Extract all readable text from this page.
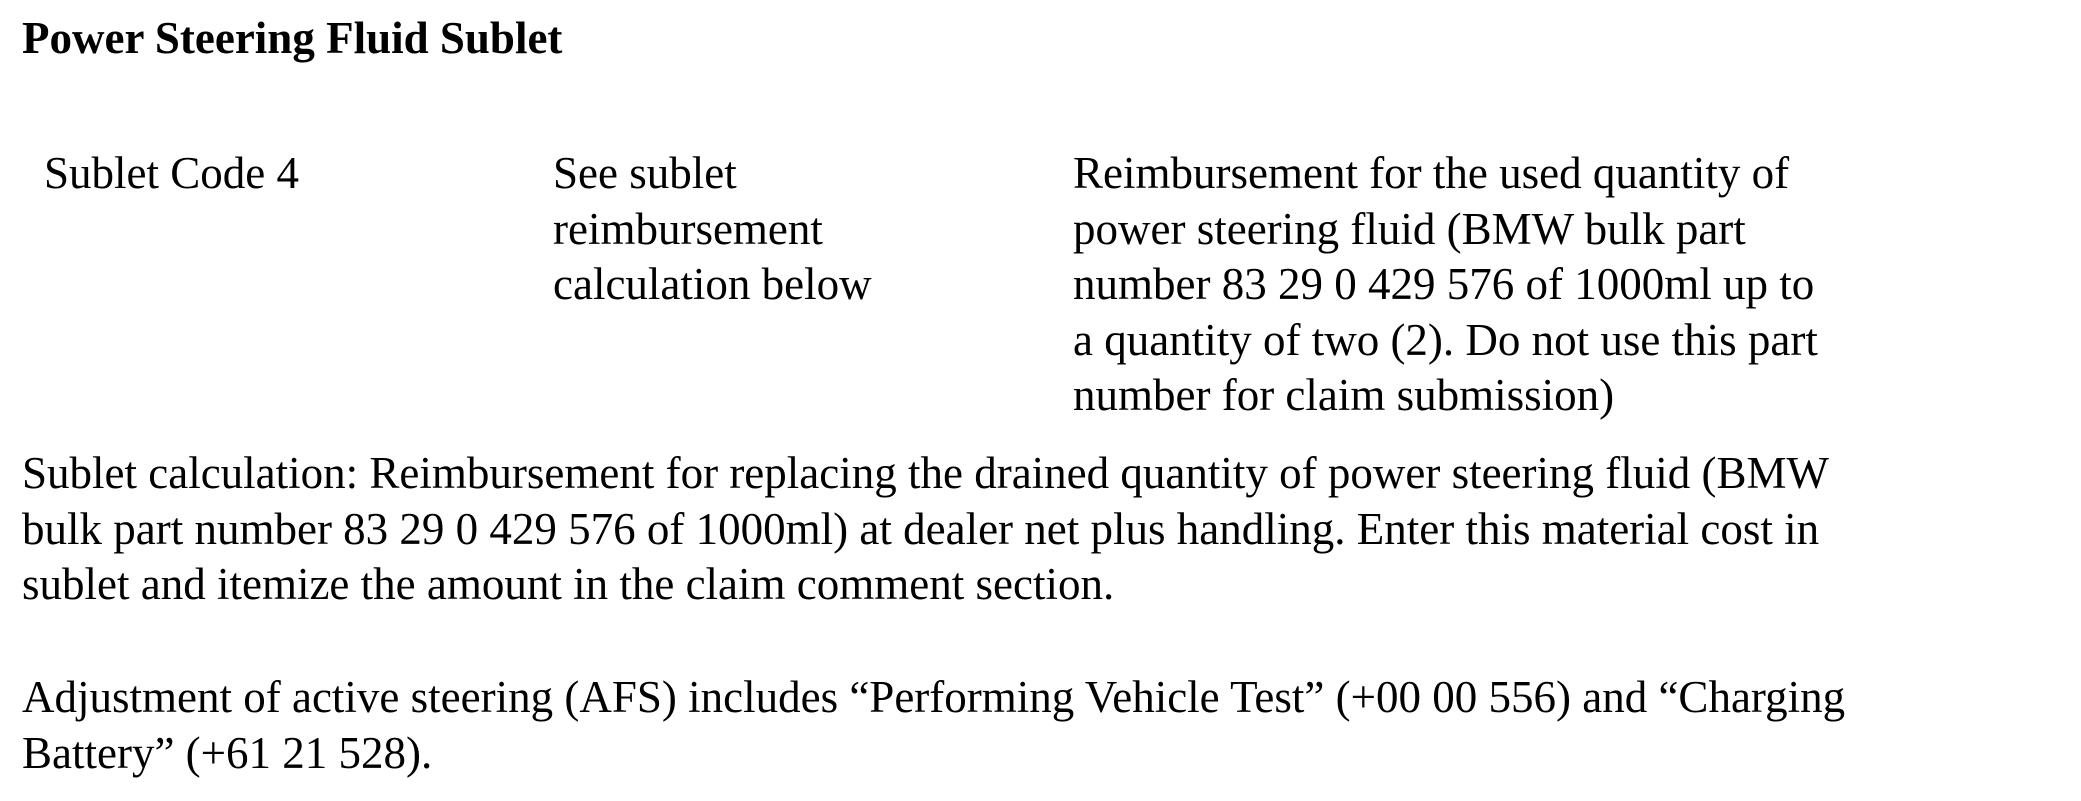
Power Steering Fluid Sublet
Sublet Code 4	See sublet
reimbursement
calculation below
Reimbursement for the used quantity of
power steering fluid (BMW bulk part
number 83 29 0 429 576 of 1000ml up to
a quantity of two (2). Do not use this part
number for claim submission)
Sublet calculation: Reimbursement for replacing the drained quantity of power steering fluid (BMW
bulk part number 83 29 0 429 576 of 1000ml) at dealer net plus handling. Enter this material cost in
sublet and itemize the amount in the claim comment section.
Adjustment of active steering (AFS) includes “Performing Vehicle Test” (+00 00 556) and “Charging
Battery” (+61 21 528).
